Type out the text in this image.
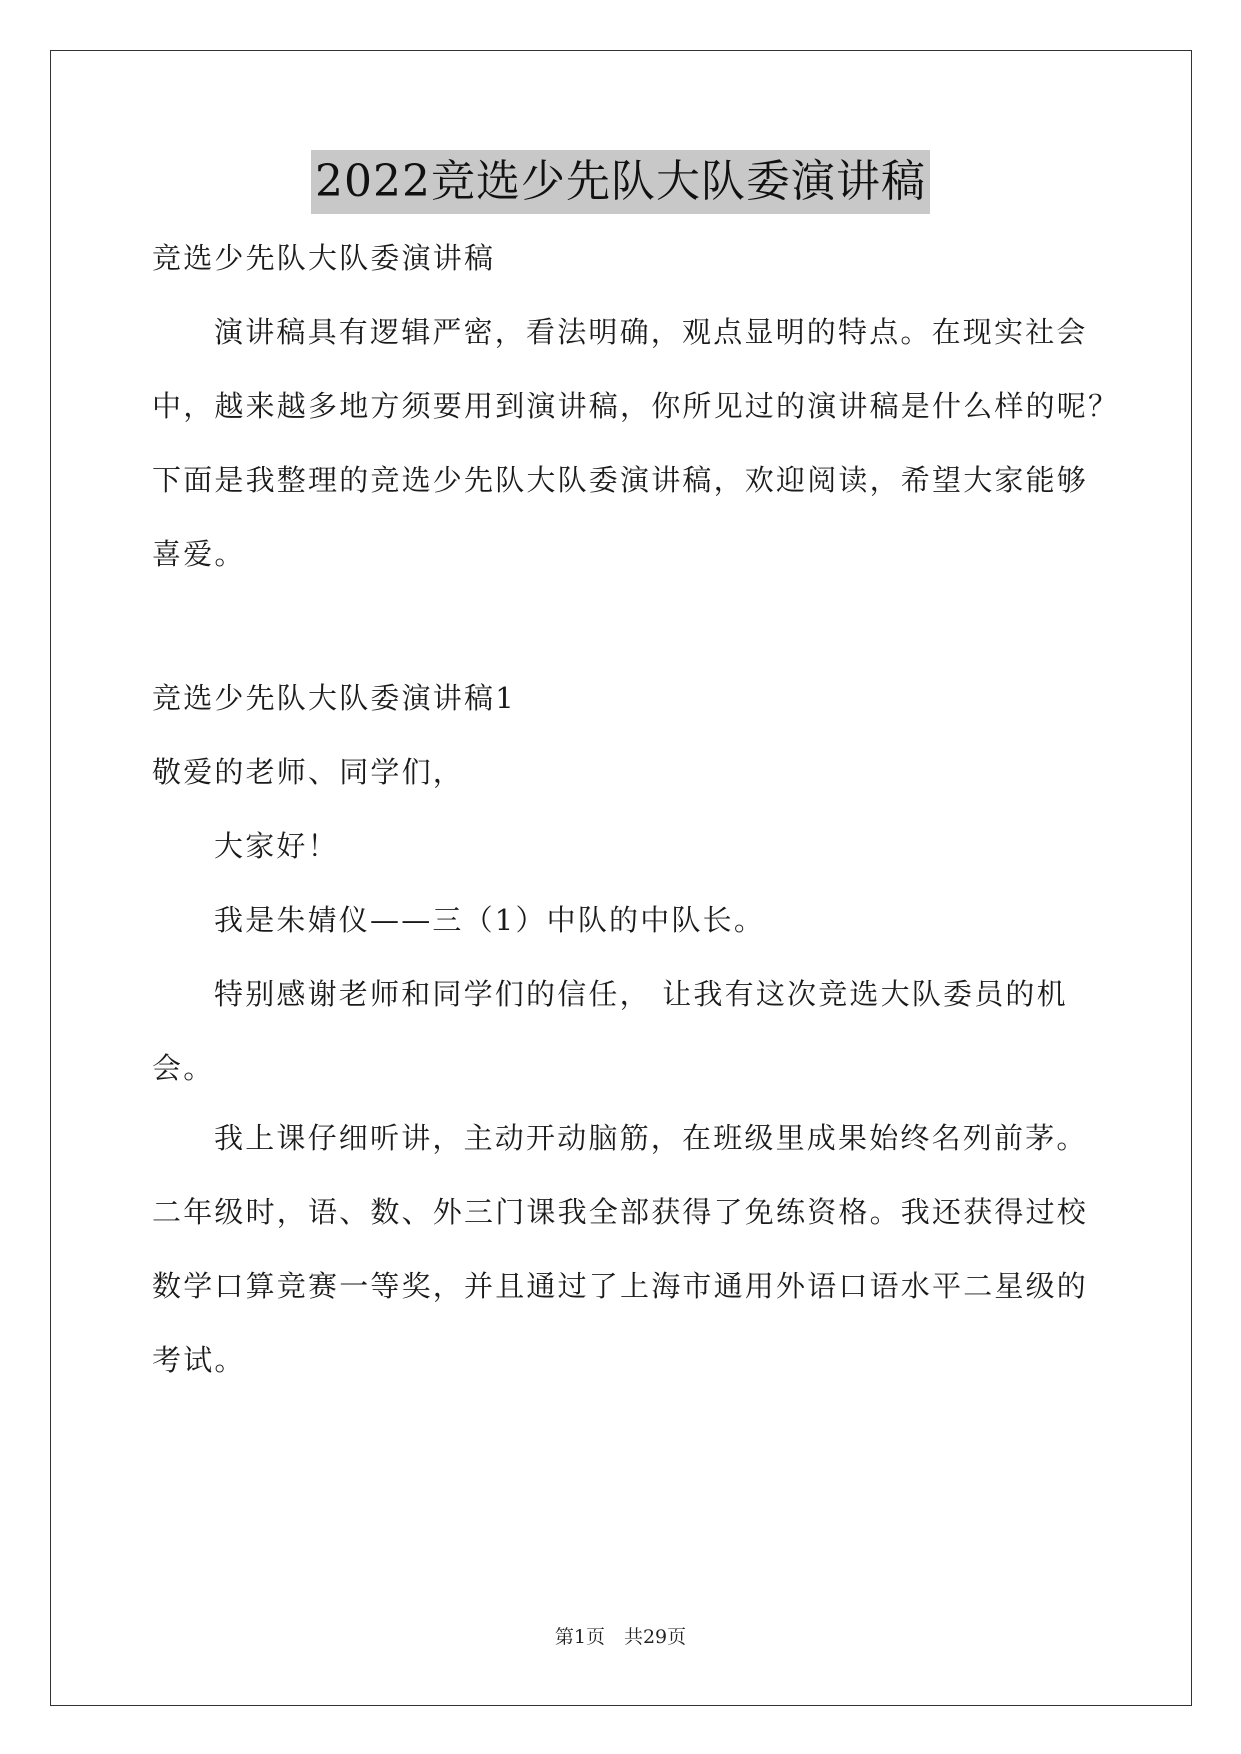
2022竞选少先队大队委演讲稿
竞选少先队大队委演讲稿
演讲稿具有逻辑严密，看法明确，观点显明的特点。在现实社会
中，越来越多地方须要用到演讲稿，你所见过的演讲稿是什么样的呢？
下面是我整理的竞选少先队大队委演讲稿，欢迎阅读，希望大家能够
喜爱。
竞选少先队大队委演讲稿1
敬爱的老师、同学们，
大家好！
我是朱婧仪——三（1）中队的中队长。
特别感谢老师和同学们的信任， 让我有这次竞选大队委员的机
会。
我上课仔细听讲，主动开动脑筋，在班级里成果始终名列前茅。
二年级时，语、数、外三门课我全部获得了免练资格。我还获得过校
数学口算竞赛一等奖，并且通过了上海市通用外语口语水平二星级的
考试。
第1页　共29页
